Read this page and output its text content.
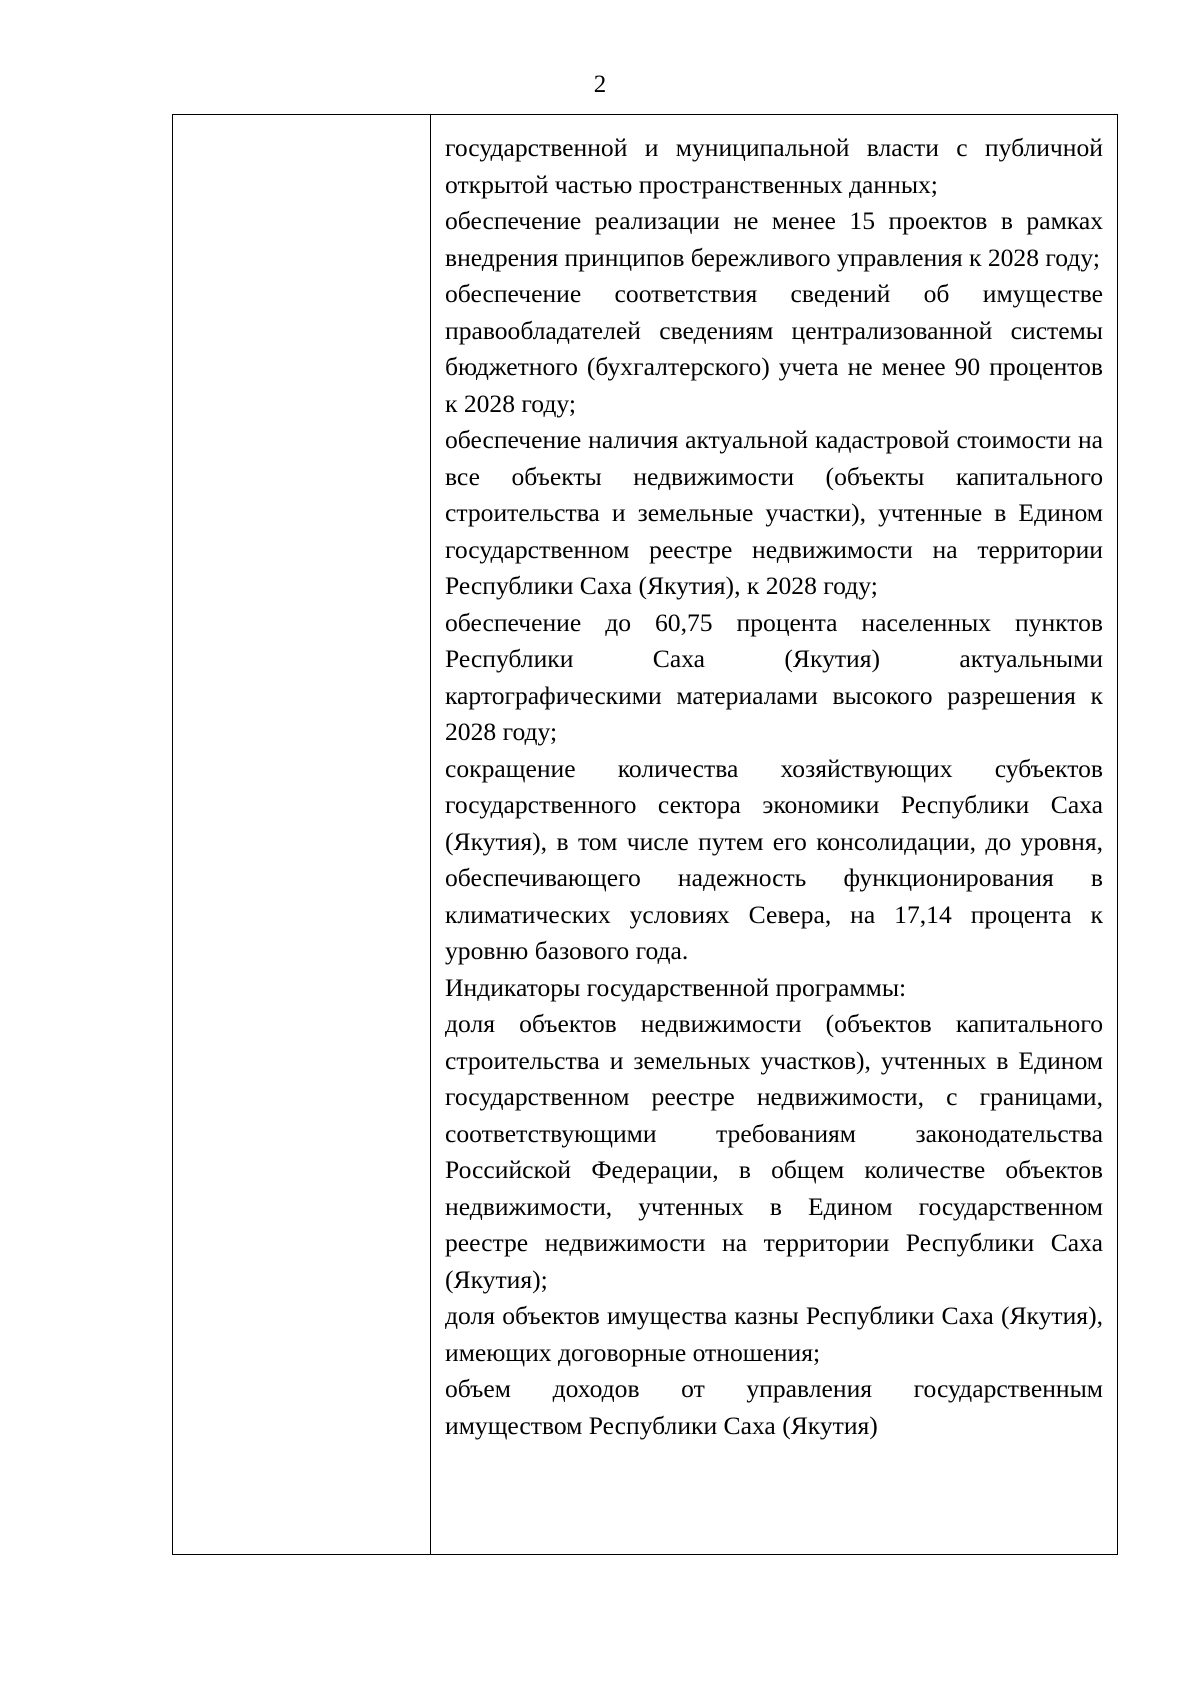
2

государственной и муниципальной власти с публичной открытой частью пространственных данных;

обеспечение реализации не менее 15 проектов в рамках внедрения принципов бережливого управления к 2028 году;

обеспечение соответствия сведений об имуществе правообладателей сведениям централизованной системы бюджетного (бухгалтерского) учета не менее 90 процентов к 2028 году;

обеспечение наличия актуальной кадастровой стоимости на все объекты недвижимости (объекты капитального строительства и земельные участки), учтенные в Едином государственном реестре недвижимости на территории Республики Саха (Якутия), к 2028 году;

обеспечение до 60,75 процента населенных пунктов Республики Саха (Якутия) актуальными картографическими материалами высокого разрешения к 2028 году;

сокращение количества хозяйствующих субъектов государственного сектора экономики Республики Саха (Якутия), в том числе путем его консолидации, до уровня, обеспечивающего надежность функционирования в климатических условиях Севера, на 17,14 процента к уровню базового года.

Индикаторы государственной программы:

доля объектов недвижимости (объектов капитального строительства и земельных участков), учтенных в Едином государственном реестре недвижимости, с границами, соответствующими требованиям законодательства Российской Федерации, в общем количестве объектов недвижимости, учтенных в Едином государственном реестре недвижимости на территории Республики Саха (Якутия);

доля объектов имущества казны Республики Саха (Якутия), имеющих договорные отношения;

объем доходов от управления государственным имуществом Республики Саха (Якутия)
